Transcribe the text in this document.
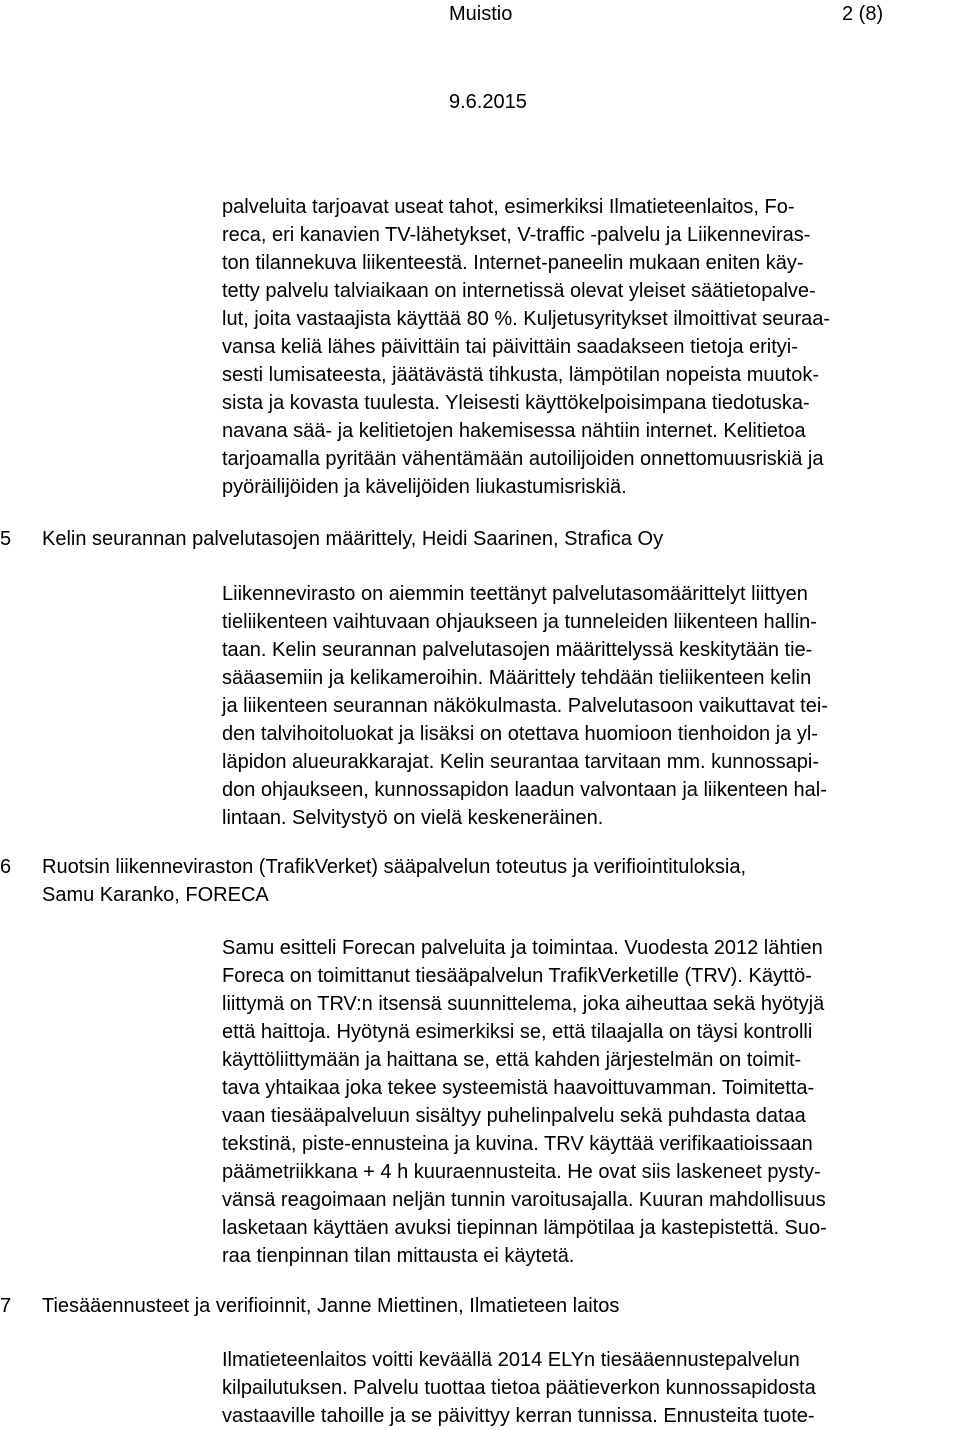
Muistio	2 (8)
9.6.2015
palveluita tarjoavat useat tahot, esimerkiksi Ilmatieteenlaitos, Fo-
reca, eri kanavien TV-lähetykset, V-traffic -palvelu ja Liikenneviras-
ton tilannekuva liikenteestä. Internet-paneelin mukaan eniten käy-
tetty palvelu talviaikaan on internetissä olevat yleiset säätietopalve-
lut, joita vastaajista käyttää 80 %. Kuljetusyritykset ilmoittivat seuraa-
vansa keliä lähes päivittäin tai päivittäin saadakseen tietoja erityi-
sesti lumisateesta, jäätävästä tihkusta, lämpötilan nopeista muutok-
sista ja kovasta tuulesta. Yleisesti käyttökelpoisimpana tiedotuska-
navana sää- ja kelitietojen hakemisessa nähtiin internet. Kelitietoa
tarjoamalla pyritään vähentämään autoilijoiden onnettomuusriskiä ja
pyöräilijöiden ja kävelijöiden liukastumisriskiä.
5 Kelin seurannan palvelutasojen määrittely, Heidi Saarinen, Strafica Oy
Liikennevirasto on aiemmin teettänyt palvelutasomäärittelyt liittyen
tieliikenteen vaihtuvaan ohjaukseen ja tunneleiden liikenteen hallin-
taan. Kelin seurannan palvelutasojen määrittelyssä keskitytään tie-
sääasemiin ja kelikameroihin. Määrittely tehdään tieliikenteen kelin
ja liikenteen seurannan näkökulmasta. Palvelutasoon vaikuttavat tei-
den talvihoitoluokat ja lisäksi on otettava huomioon tienhoidon ja yl-
läpidon alueurakkarajat. Kelin seurantaa tarvitaan mm. kunnossapi-
don ohjaukseen, kunnossapidon laadun valvontaan ja liikenteen hal-
lintaan. Selvitystyö on vielä keskeneräinen.
6 Ruotsin liikenneviraston (TrafikVerket) sääpalvelun toteutus ja verifiointituloksia,
Samu Karanko, FORECA
Samu esitteli Forecan palveluita ja toimintaa. Vuodesta 2012 lähtien
Foreca on toimittanut tiesääpalvelun TrafikVerketille (TRV). Käyttö-
liittymä on TRV:n itsensä suunnittelema, joka aiheuttaa sekä hyötyjä
että haittoja. Hyötynä esimerkiksi se, että tilaajalla on täysi kontrolli
käyttöliittymään ja haittana se, että kahden järjestelmän on toimit-
tava yhtaikaa joka tekee systeemistä haavoittuvamman. Toimitetta-
vaan tiesääpalveluun sisältyy puhelinpalvelu sekä puhdasta dataa
tekstinä, piste-ennusteina ja kuvina. TRV käyttää verifikaatioissaan
päämetriikkana + 4 h kuuraennusteita. He ovat siis laskeneet pysty-
vänsä reagoimaan neljän tunnin varoitusajalla. Kuuran mahdollisuus
lasketaan käyttäen avuksi tiepinnan lämpötilaa ja kastepistettä. Suo-
raa tienpinnan tilan mittausta ei käytetä.
7 Tiesääennusteet ja verifioinnit, Janne Miettinen, Ilmatieteen laitos
Ilmatieteenlaitos voitti keväällä 2014 ELYn tiesääennustepalvelun
kilpailutuksen. Palvelu tuottaa tietoa päätieverkon kunnossapidosta
vastaaville tahoille ja se päivittyy kerran tunnissa. Ennusteita tuote-
